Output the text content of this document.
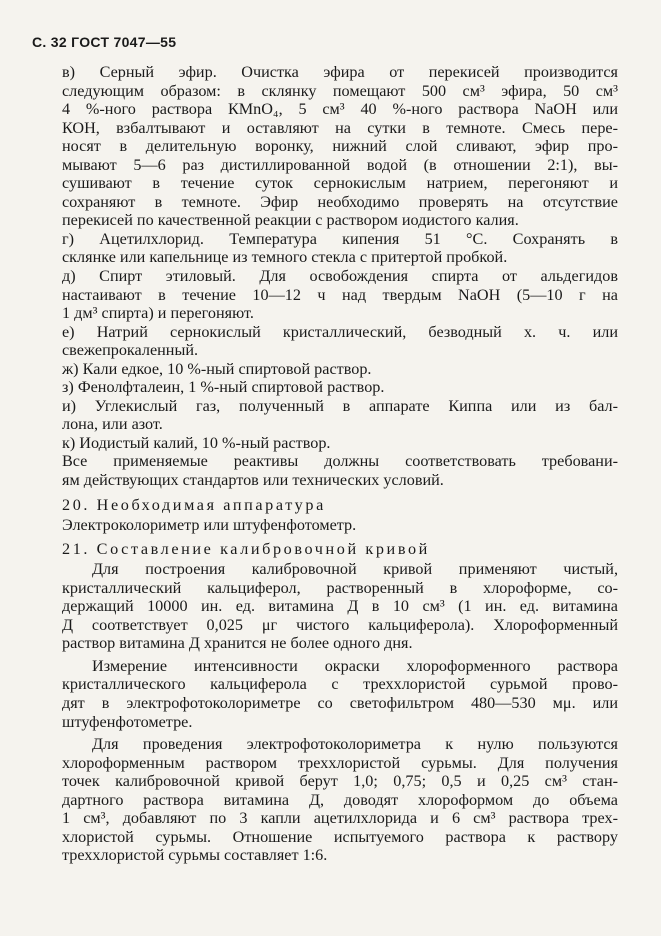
С. 32 ГОСТ 7047—55
в) Серный эфир. Очистка эфира от перекисей производится
следующим образом: в склянку помещают 500 см³ эфира, 50 см³
4 %-ного раствора КМnO₄, 5 см³ 40 %-ного раствора NaOH или
КОН, взбалтывают и оставляют на сутки в темноте. Смесь пере-
носят в делительную воронку, нижний слой сливают, эфир про-
мывают 5—6 раз дистиллированной водой (в отношении 2:1), вы-
сушивают в течение суток сернокислым натрием, перегоняют и
сохраняют в темноте. Эфир необходимо проверять на отсутствие
перекисей по качественной реакции с раствором иодистого калия.
г) Ацетилхлорид. Температура кипения 51 °С. Сохранять в
склянке или капельнице из темного стекла с притертой пробкой.
д) Спирт этиловый. Для освобождения спирта от альдегидов
настаивают в течение 10—12 ч над твердым NaOH (5—10 г на
1 дм³ спирта) и перегоняют.
е) Натрий сернокислый кристаллический, безводный х. ч. или
свежепрокаленный.
ж) Кали едкое, 10 %-ный спиртовой раствор.
з) Фенолфталеин, 1 %-ный спиртовой раствор.
и) Углекислый газ, полученный в аппарате Киппа или из бал-
лона, или азот.
к) Иодистый калий, 10 %-ный раствор.
Все применяемые реактивы должны соответствовать требовани-
ям действующих стандартов или технических условий.
20. Необходимая аппаратура
Электроколориметр или штуфенфотометр.
21. Составление калибровочной кривой
Для построения калибровочной кривой применяют чистый,
кристаллический кальциферол, растворенный в хлороформе, со-
держащий 10000 ин. ед. витамина Д в 10 см³ (1 ин. ед. витамина
Д соответствует 0,025 μг чистого кальциферола). Хлороформенный
раствор витамина Д хранится не более одного дня.
Измерение интенсивности окраски хлороформенного раствора
кристаллического кальциферола с треххлористой сурьмой прово-
дят в электрофотоколориметре со светофильтром 480—530 мμ. или
штуфенфотометре.
Для проведения электрофотоколориметра к нулю пользуются
хлороформенным раствором треххлористой сурьмы. Для получения
точек калибровочной кривой берут 1,0; 0,75; 0,5 и 0,25 см³ стан-
дартного раствора витамина Д, доводят хлороформом до объема
1 см³, добавляют по 3 капли ацетилхлорида и 6 см³ раствора трех-
хлористой сурьмы. Отношение испытуемого раствора к раствору
треххлористой сурьмы составляет 1:6.
